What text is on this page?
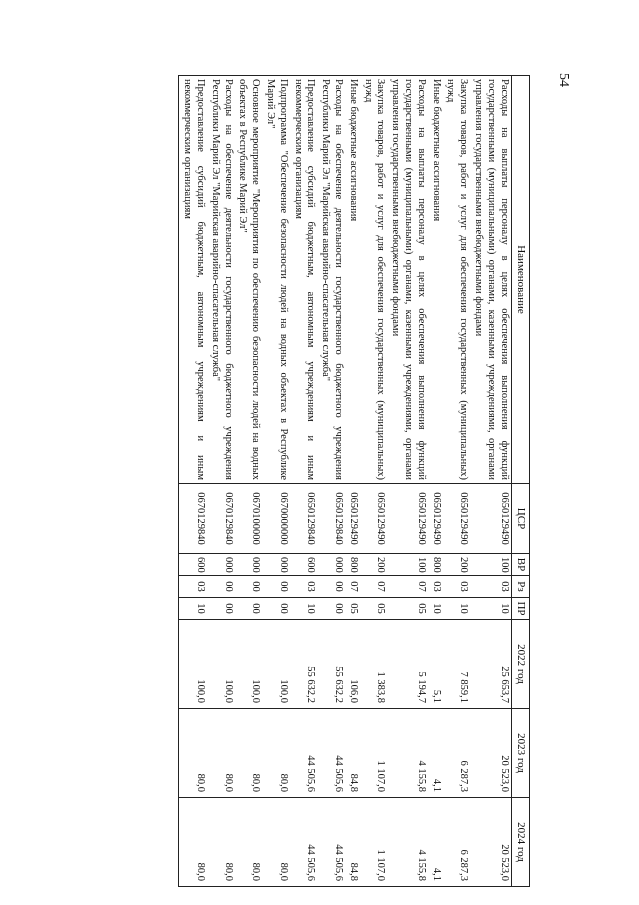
54
Наименование	ЦСР	ВР	Рз	ПР	2022 год	2023 год	2024 год
Расходы на выплаты персоналу в целях обеспечения выполнения функций государственными (муниципальными) органами, казенными учреждениями, органами управления государственными внебюджетными фондами	0650129490	100	03	10	25 653,7	20 523,0	20 523,0
Закупка товаров, работ и услуг для обеспечения государственных (муниципальных) нужд	0650129490	200	03	10	7 859,1	6 287,3	6 287,3
Иные бюджетные ассигнования	0650129490	800	03	10	5,1	4,1	4,1
Расходы на выплаты персоналу в целях обеспечения выполнения функций государственными (муниципальными) органами, казенными учреждениями, органами управления государственными внебюджетными фондами	0650129490	100	07	05	5 194,7	4 155,8	4 155,8
Закупка товаров, работ и услуг для обеспечения государственных (муниципальных) нужд	0650129490	200	07	05	1 383,8	1 107,0	1 107,0
Иные бюджетные ассигнования	0650129490	800	07	05	106,0	84,8	84,8
Расходы на обеспечение деятельности государственного бюджетного учреждения Республики Марий Эл "Марийская аварийно-спасательная служба"	0650129840	000	00	00	55 632,2	44 505,6	44 505,6
Предоставление субсидий бюджетным, автономным учреждениям и иным некоммерческим организациям	0650129840	600	03	10	55 632,2	44 505,6	44 505,6
Подпрограмма "Обеспечение безопасности людей на водных объектах в Республике Марий Эл"	0670000000	000	00	00	100,0	80,0	80,0
Основное мероприятие "Мероприятия по обеспечению безопасности людей на водных объектах в Республике Марий Эл"	0670100000	000	00	00	100,0	80,0	80,0
Расходы на обеспечение деятельности государственного бюджетного учреждения Республики Марий Эл "Марийская аварийно-спасательная служба"	0670129840	000	00	00	100,0	80,0	80,0
Предоставление субсидий бюджетным, автономным учреждениям и иным некоммерческим организациям	0670129840	600	03	10	100,0	80,0	80,0
